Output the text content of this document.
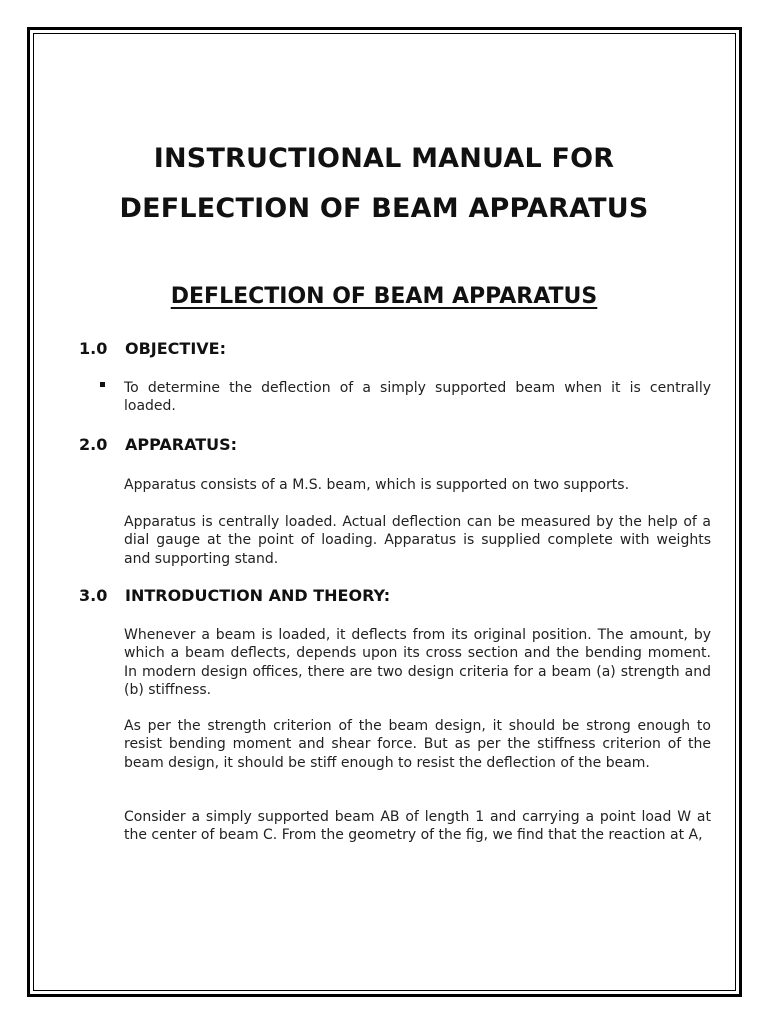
INSTRUCTIONAL MANUAL FOR
DEFLECTION OF BEAM APPARATUS
DEFLECTION OF BEAM APPARATUS
1.0	OBJECTIVE:
To determine the deflection of a simply supported beam when it is centrally loaded.
2.0	APPARATUS:
Apparatus consists of a M.S. beam, which is supported on two supports.
Apparatus is centrally loaded. Actual deflection can be measured by the help of a dial gauge at the point of loading. Apparatus is supplied complete with weights and supporting stand.
3.0	INTRODUCTION AND THEORY:
Whenever a beam is loaded, it deflects from its original position. The amount, by which a beam deflects, depends upon its cross section and the bending moment. In modern design offices, there are two design criteria for a beam (a) strength and (b) stiffness.
As per the strength criterion of the beam design, it should be strong enough to resist bending moment and shear force. But as per the stiffness criterion of the beam design, it should be stiff enough to resist the deflection of the beam.
Consider a simply supported beam AB of length 1 and carrying a point load W at the center of beam C. From the geometry of the fig, we find that the reaction at A,
